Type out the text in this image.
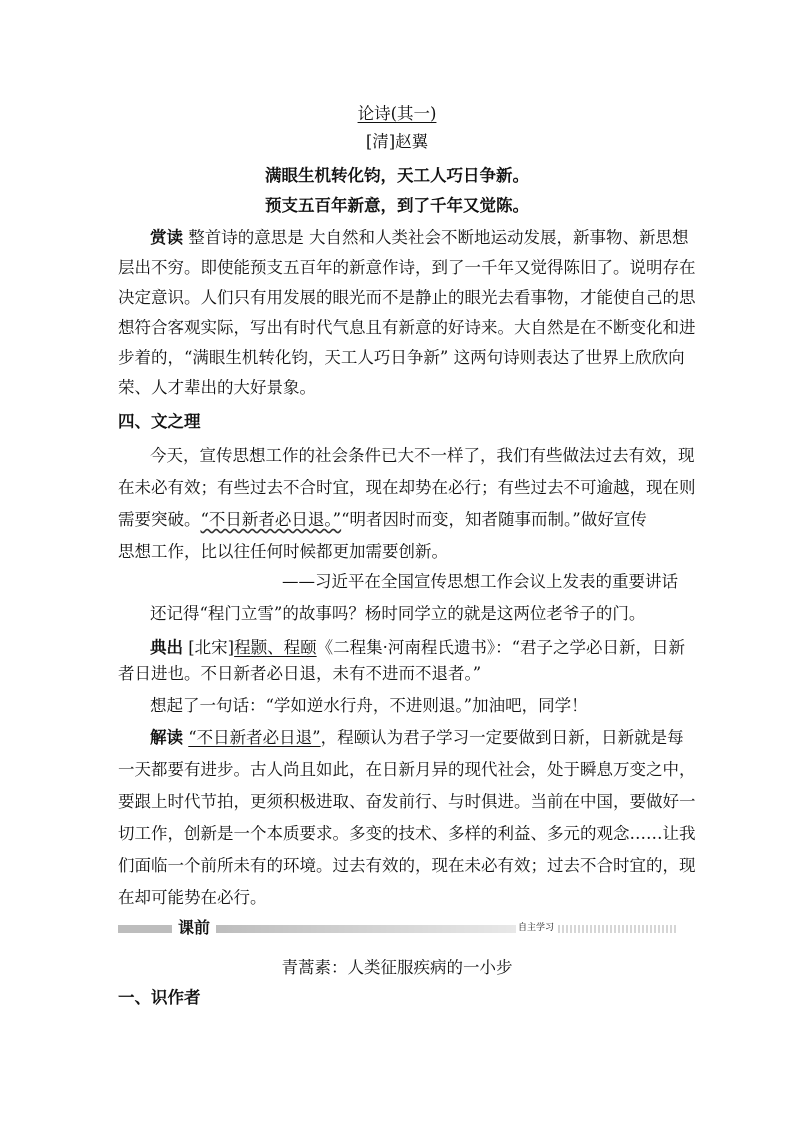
论诗(其一)
[清]赵翼
满眼生机转化钧，天工人巧日争新。
预支五百年新意，到了千年又觉陈。
赏读 整首诗的意思是 大自然和人类社会不断地运动发展，新事物、新思想
层出不穷。即使能预支五百年的新意作诗，到了一千年又觉得陈旧了。说明存在
决定意识。人们只有用发展的眼光而不是静止的眼光去看事物，才能使自己的思
想符合客观实际，写出有时代气息且有新意的好诗来。大自然是在不断变化和进
步着的，“满眼生机转化钧，天工人巧日争新” 这两句诗则表达了世界上欣欣向
荣、人才辈出的大好景象。
四、文之理
今天，宣传思想工作的社会条件已大不一样了，我们有些做法过去有效，现
在未必有效；有些过去不合时宜，现在却势在必行；有些过去不可逾越，现在则
需要突破。“不日新者必日退。”“明者因时而变，知者随事而制。”做好宣传
思想工作，比以往任何时候都更加需要创新。
——习近平在全国宣传思想工作会议上发表的重要讲话
还记得“程门立雪”的故事吗？杨时同学立的就是这两位老爷子的门。
典出 [北宋]程颢、程颐《二程集·河南程氏遗书》：“君子之学必日新，日新
者日进也。不日新者必日退，未有不进而不退者。”
想起了一句话：“学如逆水行舟，不进则退。”加油吧，同学！
解读 “不日新者必日退”，程颐认为君子学习一定要做到日新，日新就是每
一天都要有进步。古人尚且如此，在日新月异的现代社会，处于瞬息万变之中，
要跟上时代节拍，更须积极进取、奋发前行、与时俱进。当前在中国，要做好一
切工作，创新是一个本质要求。多变的技术、多样的利益、多元的观念……让我
们面临一个前所未有的环境。过去有效的，现在未必有效；过去不合时宜的，现
在却可能势在必行。
课前	自主学习
青蒿素：人类征服疾病的一小步
一、识作者
